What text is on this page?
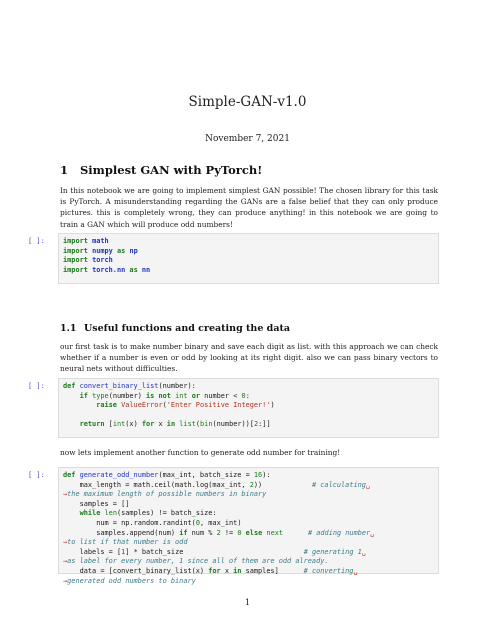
Simple-GAN-v1.0
November 7, 2021
1 Simplest GAN with PyTorch!
In this notebook we are going to implement simplest GAN possible! The chosen library for this task is PyTorch. A misunderstanding regarding the GANs are a false belief that they can only produce pictures. this is completely wrong, they can produce anything! in this notebook we are going to train a GAN which will produce odd numbers!
[ ]:	import math
import numpy as np
import torch
import torch.nn as nn
1.1 Useful functions and creating the data
our first task is to make number binary and save each digit as list. with this approach we can check whether if a number is even or odd by looking at its right digit. also we can pass binary vectors to neural nets without difficulties.
[ ]:	def convert_binary_list(number):
if type(number) is not int or number < 0:
raise ValueError('Enter Positive Integer!')

return [int(x) for x in list(bin(number))[2:]]
now lets implement another function to generate odd number for training!
[ ]:	def generate_odd_number(max_int, batch_size = 16):
max_length = math.ceil(math.log(max_int, 2))            # calculating␣
→the maximum length of possible numbers in binary
samples = []
while len(samples) != batch_size:
num = np.random.randint(0, max_int)
samples.append(num) if num % 2 != 0 else next	# adding number␣
→to list if that number is odd
labels = [1] * batch_size                             # generating 1␣
→as label for every number, 1 since all of them are odd already.
data = [convert_binary_list(x) for x in samples]      # converting␣
→generated odd numbers to binary
1
